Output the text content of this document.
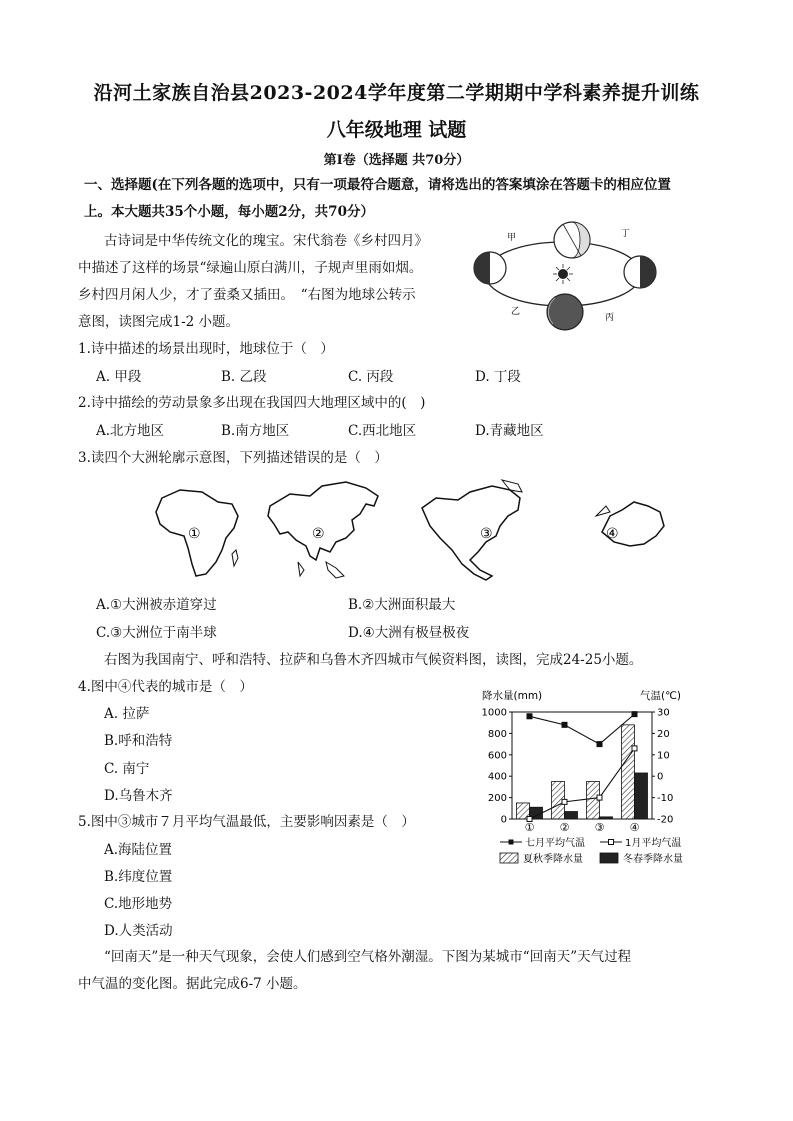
沿河土家族自治县2023-2024学年度第二学期期中学科素养提升训练
八年级地理 试题
第Ⅰ卷（选择题 共70分）
一、选择题(在下列各题的选项中，只有一项最符合题意，请将选出的答案填涂在答题卡的相应位置
上。本大题共35个小题，每小题2分，共70分）
古诗词是中华传统文化的瑰宝。宋代翁卷《乡村四月》
中描述了这样的场景“绿遍山原白满川，子规声里雨如烟。
乡村四月闲人少，才了蚕桑又插田。　“右图为地球公转示
意图，读图完成1-2 小题。
甲	丁
乙
丙
1.诗中描述的场景出现时，地球位于（　）
A. 甲段	B. 乙段	C. 丙段	D. 丁段
2.诗中描绘的劳动景象多出现在我国四大地理区域中的(　)
A.北方地区	B.南方地区	C.西北地区	D.青藏地区
3.读四个大洲轮廓示意图，下列描述错误的是（　）
①	②	③	④
A.①大洲被赤道穿过	B.②大洲面积最大
C.③大洲位于南半球	D.④大洲有极昼极夜
右图为我国南宁、呼和浩特、拉萨和乌鲁木齐四城市气候资料图，读图，完成24-25小题。
4.图中④代表的城市是（　）
A. 拉萨
B.呼和浩特
C. 南宁
D.乌鲁木齐
5.图中③城市７月平均气温最低，主要影响因素是（　）
A.海陆位置
B.纬度位置
C.地形地势
D.人类活动
“回南天”是一种天气现象，会使人们感到空气格外潮湿。下图为某城市“回南天”天气过程
中气温的变化图。据此完成6-7 小题。
降水量(mm)	气温(℃)
0
200
400
600
800
1000
-20
-10
0
10
20
30
① ② ③ ④
七月平均气温	1月平均气温
夏秋季降水量	冬春季降水量
